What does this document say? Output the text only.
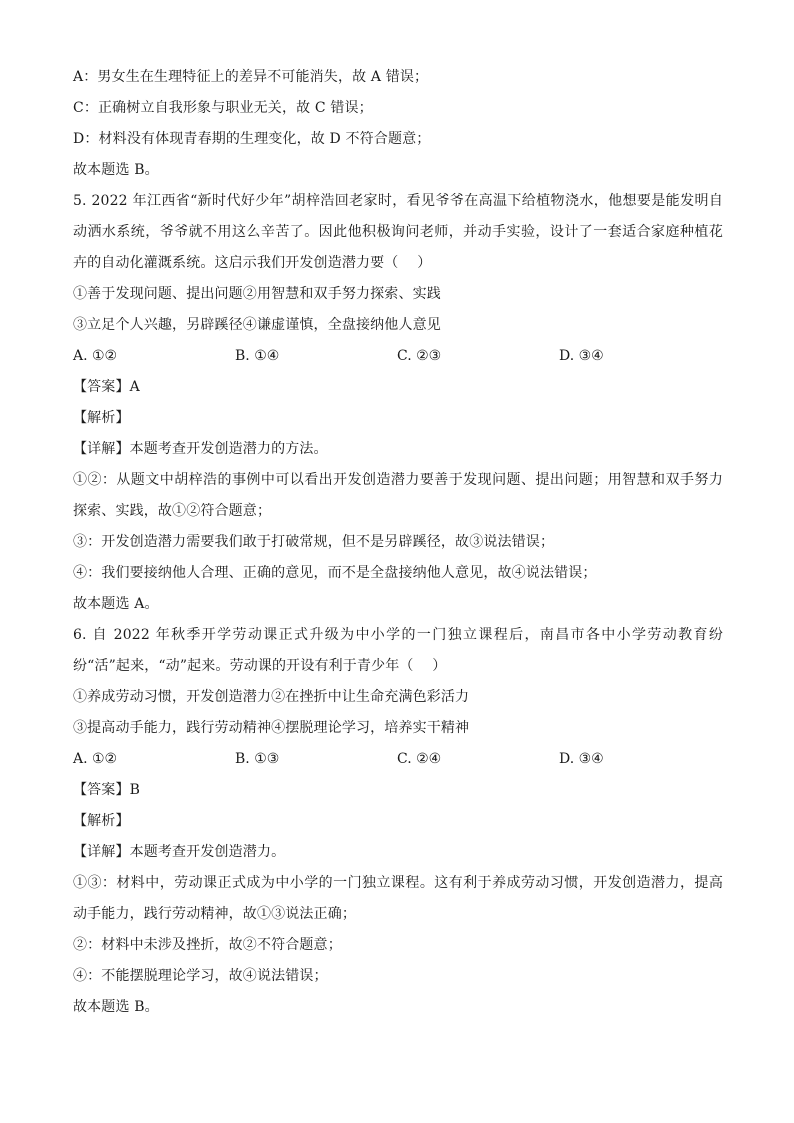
A：男女生在生理特征上的差异不可能消失，故 A 错误；
C：正确树立自我形象与职业无关，故 C 错误；
D：材料没有体现青春期的生理变化，故 D 不符合题意；
故本题选 B。
5. 2022 年江西省“新时代好少年”胡梓浩回老家时，看见爷爷在高温下给植物浇水，他想要是能发明自动洒水系统，爷爷就不用这么辛苦了。因此他积极询问老师，并动手实验，设计了一套适合家庭种植花卉的自动化灌溉系统。这启示我们开发创造潜力要（　 ）
①善于发现问题、提出问题②用智慧和双手努力探索、实践
③立足个人兴趣，另辟蹊径④谦虚谨慎，全盘接纳他人意见
A. ①②	B. ①④	C. ②③	D. ③④
【答案】A
【解析】
【详解】本题考查开发创造潜力的方法。
①②：从题文中胡梓浩的事例中可以看出开发创造潜力要善于发现问题、提出问题；用智慧和双手努力探索、实践，故①②符合题意；
③：开发创造潜力需要我们敢于打破常规，但不是另辟蹊径，故③说法错误；
④：我们要接纳他人合理、正确的意见，而不是全盘接纳他人意见，故④说法错误；
故本题选 A。
6. 自 2022 年秋季开学劳动课正式升级为中小学的一门独立课程后，南昌市各中小学劳动教育纷纷“活”起来，“动”起来。劳动课的开设有利于青少年（　 ）
①养成劳动习惯，开发创造潜力②在挫折中让生命充满色彩活力
③提高动手能力，践行劳动精神④摆脱理论学习，培养实干精神
A. ①②	B. ①③	C. ②④	D. ③④
【答案】B
【解析】
【详解】本题考查开发创造潜力。
①③：材料中，劳动课正式成为中小学的一门独立课程。这有利于养成劳动习惯，开发创造潜力，提高动手能力，践行劳动精神，故①③说法正确；
②：材料中未涉及挫折，故②不符合题意；
④：不能摆脱理论学习，故④说法错误；
故本题选 B。
